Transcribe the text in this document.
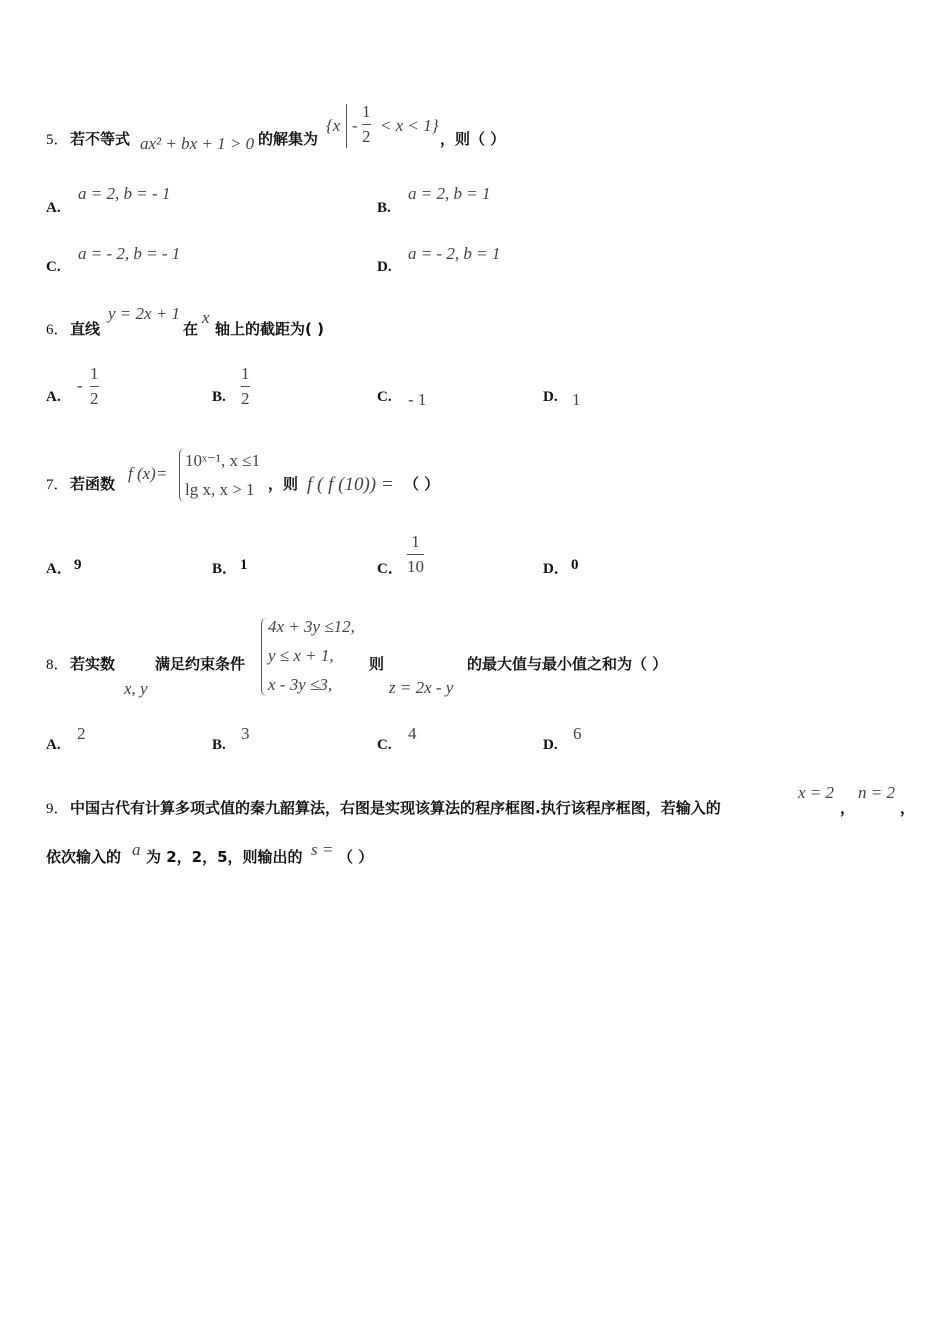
5． 若不等式 ax² + bx + 1 > 0 的解集为
{x -
1
2
< x < 1}
，则（ ）
A.
a = 2, b = - 1
B.
a = 2, b = 1
C.
a = - 2, b = - 1
D.
a = - 2, b = 1
6． 直线
y = 2x + 1
在
x
轴上的截距为( )
A.
-
1
2	B.
1
2	C. - 1	D. 1
7． 若函数
f (x)=
10ˣ⁻¹, x ≤1
lg x, x > 1 ，则 f ( f (10)) = （ ）
A． 9	B． 1	C．
1
10	D． 0
8． 若实数
x, y
满足约束条件
4x + 3y ≤12,
y ≤ x + 1,
x - 3y ≤3,
则
z = 2x - y
的最大值与最小值之和为（ ）
A.
2
B.
3
C.
4
D.
6
9． 中国古代有计算多项式值的秦九韶算法，右图是实现该算法的程序框图.执行该程序框图，若输入的
x = 2
，
n = 2
，
依次输入的 a 为 2，2，5，则输出的 s = （ ）
